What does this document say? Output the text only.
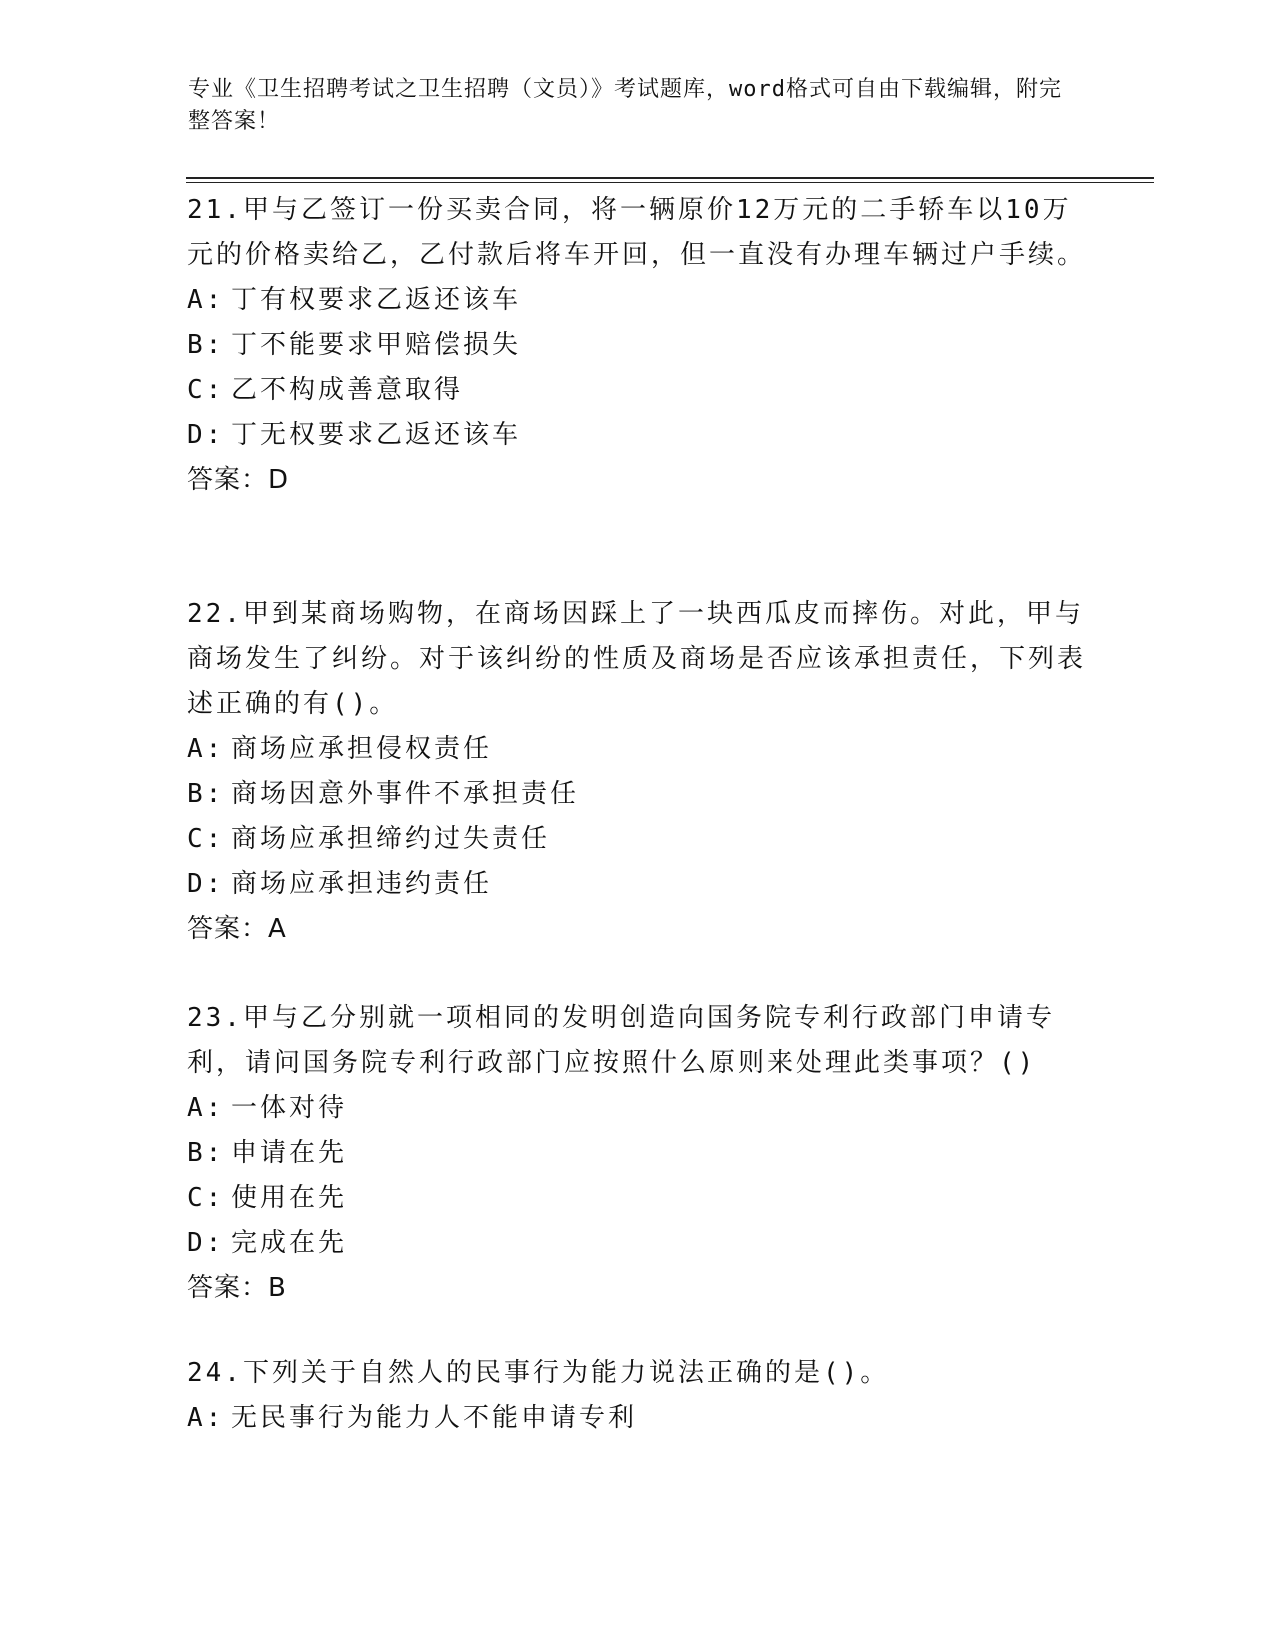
专业《卫生招聘考试之卫生招聘（文员）》考试题库，word格式可自由下载编辑，附完整答案！

21.甲与乙签订一份买卖合同，将一辆原价12万元的二手轿车以10万元的价格卖给乙，乙付款后将车开回，但一直没有办理车辆过户手续。

A: 丁有权要求乙返还该车
B: 丁不能要求甲赔偿损失
C: 乙不构成善意取得
D: 丁无权要求乙返还该车

答案：D

22.甲到某商场购物，在商场因踩上了一块西瓜皮而摔伤。对此，甲与商场发生了纠纷。对于该纠纷的性质及商场是否应该承担责任，下列表述正确的有()。

A: 商场应承担侵权责任
B: 商场因意外事件不承担责任
C: 商场应承担缔约过失责任
D: 商场应承担违约责任

答案：A

23.甲与乙分别就一项相同的发明创造向国务院专利行政部门申请专利，请问国务院专利行政部门应按照什么原则来处理此类事项？()

A: 一体对待
B: 申请在先
C: 使用在先
D: 完成在先

答案：B

24.下列关于自然人的民事行为能力说法正确的是()。

A: 无民事行为能力人不能申请专利
